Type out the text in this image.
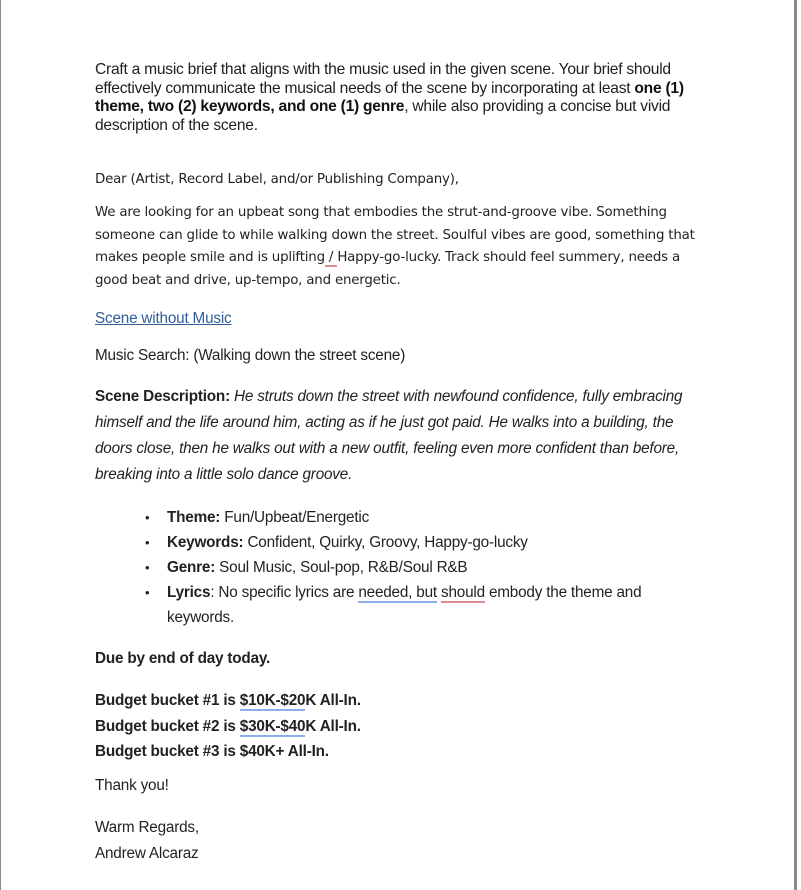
Craft a music brief that aligns with the music used in the given scene. Your brief should effectively communicate the musical needs of the scene by incorporating at least one (1) theme, two (2) keywords, and one (1) genre, while also providing a concise but vivid description of the scene.
Dear (Artist, Record Label, and/or Publishing Company),
We are looking for an upbeat song that embodies the strut-and-groove vibe. Something someone can glide to while walking down the street. Soulful vibes are good, something that makes people smile and is uplifting / Happy-go-lucky. Track should feel summery, needs a good beat and drive, up-tempo, and energetic.
Scene without Music
Music Search: (Walking down the street scene)
Scene Description: He struts down the street with newfound confidence, fully embracing himself and the life around him, acting as if he just got paid. He walks into a building, the doors close, then he walks out with a new outfit, feeling even more confident than before, breaking into a little solo dance groove.
• Theme: Fun/Upbeat/Energetic
• Keywords: Confident, Quirky, Groovy, Happy-go-lucky
• Genre: Soul Music, Soul-pop, R&B/Soul R&B
• Lyrics: No specific lyrics are needed, but should embody the theme and keywords.
Due by end of day today.
Budget bucket #1 is $10K-$20K All-In.
Budget bucket #2 is $30K-$40K All-In.
Budget bucket #3 is $40K+ All-In.
Thank you!
Warm Regards,
Andrew Alcaraz
